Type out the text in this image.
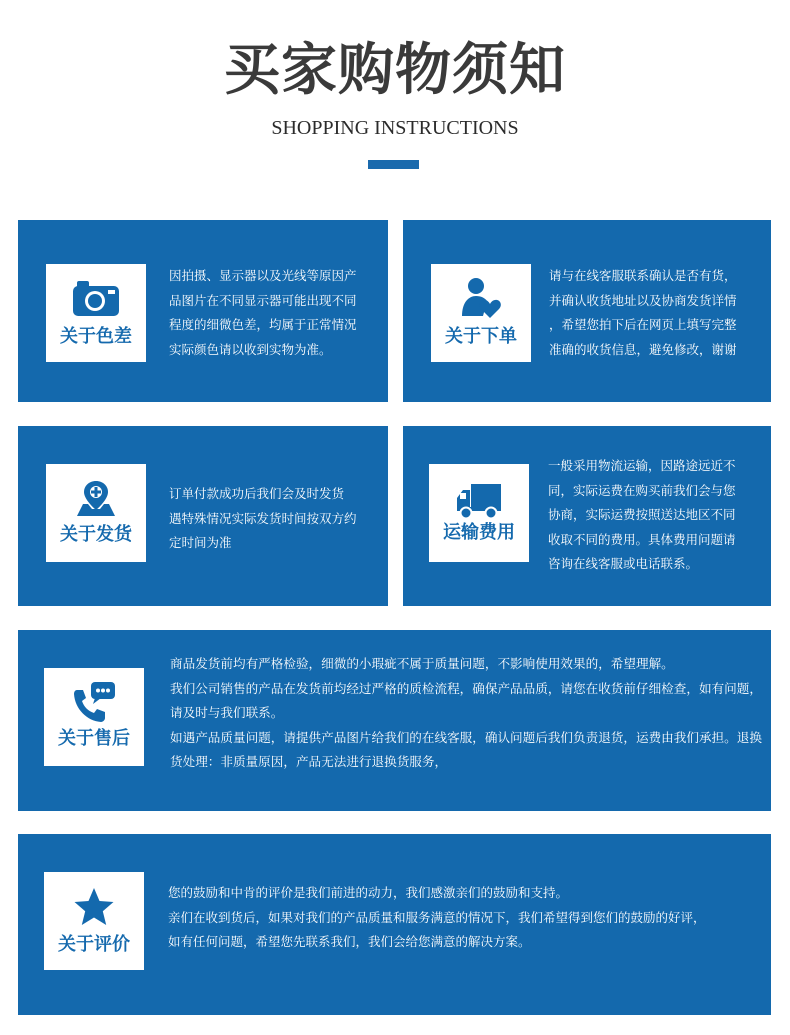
买家购物须知
SHOPPING INSTRUCTIONS
关于色差

因拍摄、显示器以及光线等原因产

品图片在不同显示器可能出现不同

程度的细微色差，均属于正常情况

实际颜色请以收到实物为准。

关于下单

请与在线客服联系确认是否有货，

并确认收货地址以及协商发货详情

，希望您拍下后在网页上填写完整

准确的收货信息，避免修改，谢谢

关于发货

订单付款成功后我们会及时发货

遇特殊情况实际发货时间按双方约

定时间为准	运输费用

一般采用物流运输，因路途远近不

同，实际运费在购买前我们会与您

协商，实际运费按照送达地区不同

收取不同的费用。具体费用问题请

咨询在线客服或电话联系。

关于售后

商品发货前均有严格检验，细微的小瑕疵不属于质量问题，不影响使用效果的，希望理解。

我们公司销售的产品在发货前均经过严格的质检流程，确保产品品质，请您在收货前仔细检查，如有问题，请及时与我们联系。

如遇产品质量问题，请提供产品图片给我们的在线客服，确认问题后我们负责退货，运费由我们承担。退换货处理：非质量原因，产品无法进行退换货服务，

关于评价

您的鼓励和中肯的评价是我们前进的动力，我们感激亲们的鼓励和支持。

亲们在收到货后，如果对我们的产品质量和服务满意的情况下，我们希望得到您们的鼓励的好评，

如有任何问题，希望您先联系我们，我们会给您满意的解决方案。
